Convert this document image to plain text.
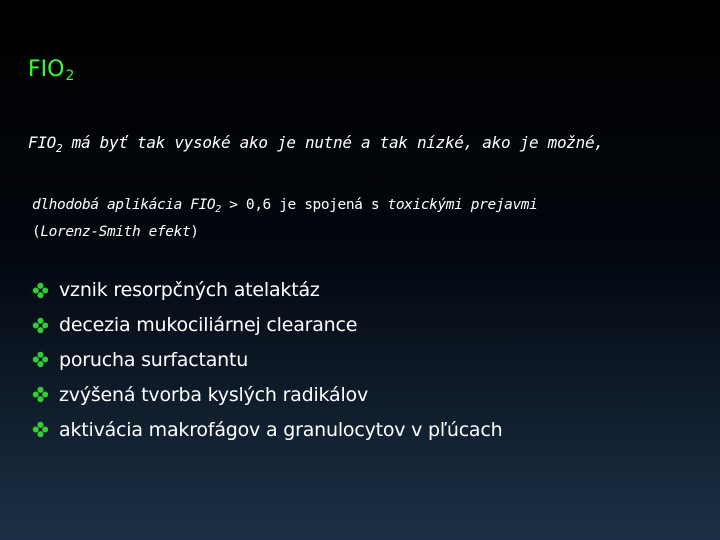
$FIO_2$
$FIO_2$ má byť tak vysoké ako je nutné a tak nízké, ako je možné,
dlhodobá aplikácia $FIO_2 > 0,6$ je spojená s toxickými prejavmi
(Lorenz-Smith efekt)
vznik resorpčných atelaktáz
decezia mukociliárnej clearance
porucha surfactantu
zvýšená tvorba kyslých radikálov
aktivácia makrofágov a granulocytov v pľúcach
